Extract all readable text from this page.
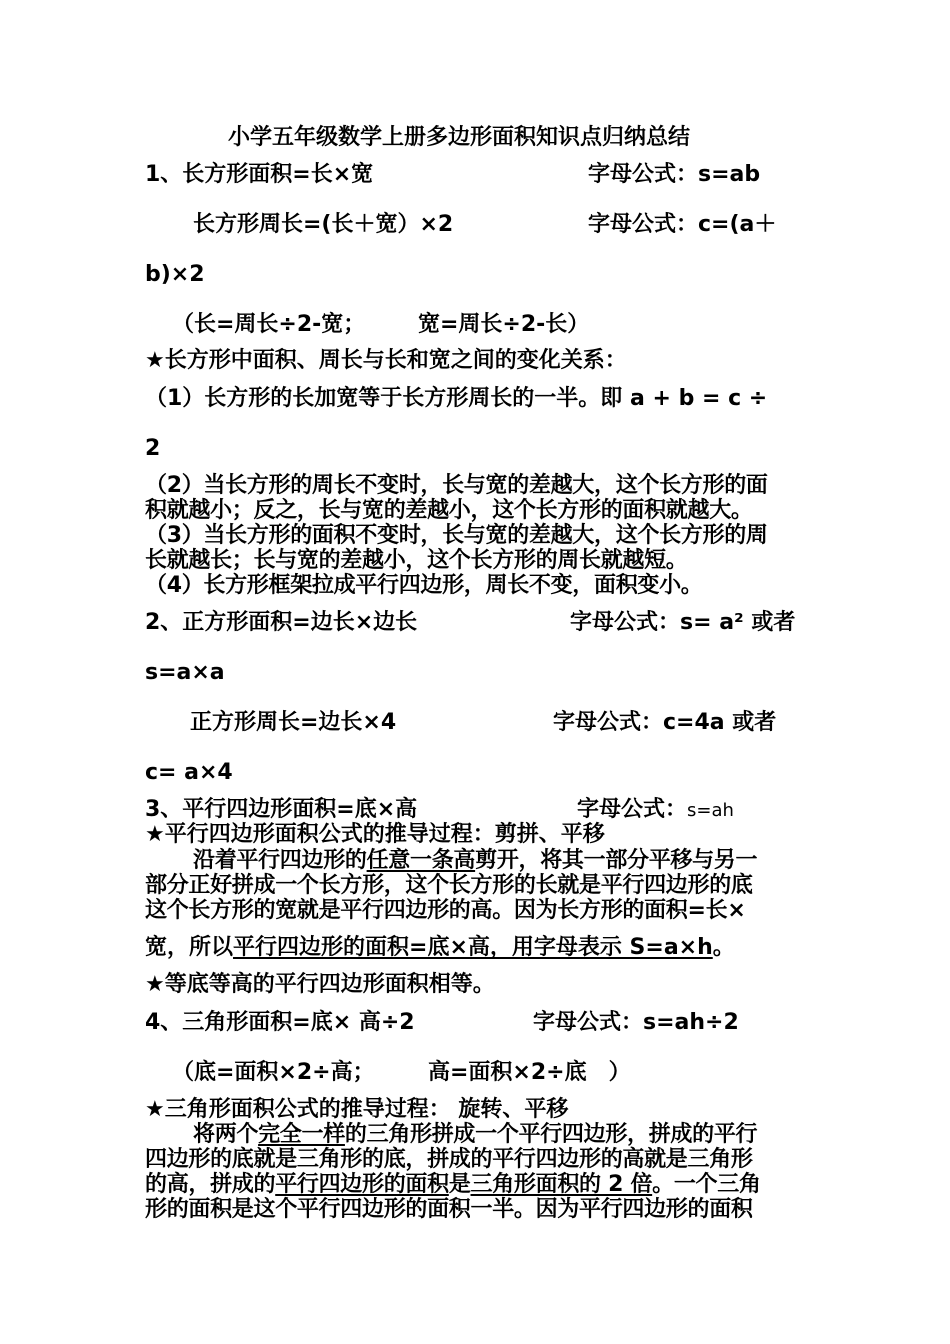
小学五年级数学上册多边形面积知识点归纳总结
1、长方形面积=长×宽	字母公式：s=ab
长方形周长=(长＋宽）×2	字母公式：c=(a＋
b)×2
（长=周长÷2-宽； 宽=周长÷2-长）
★长方形中面积、周长与长和宽之间的变化关系：
（1）长方形的长加宽等于长方形周长的一半。即 a + b = c ÷
2
（2）当长方形的周长不变时，长与宽的差越大，这个长方形的面
积就越小；反之，长与宽的差越小，这个长方形的面积就越大。
（3）当长方形的面积不变时，长与宽的差越大，这个长方形的周
长就越长；长与宽的差越小，这个长方形的周长就越短。
（4）长方形框架拉成平行四边形，周长不变，面积变小。
2、正方形面积=边长×边长	字母公式：s= a² 或者
s=a×a
正方形周长=边长×4	字母公式：c=4a 或者
c= a×4
3、平行四边形面积=底×高	字母公式：s=ah
★平行四边形面积公式的推导过程：剪拼、平移
沿着平行四边形的任意一条高剪开，将其一部分平移与另一
部分正好拼成一个长方形，这个长方形的长就是平行四边形的底
这个长方形的宽就是平行四边形的高。因为长方形的面积=长×
宽，所以平行四边形的面积=底×高，用字母表示 S=a×h。
★等底等高的平行四边形面积相等。
4、三角形面积=底× 高÷2	字母公式：s=ah÷2
（底=面积×2÷高； 高=面积×2÷底　）
★三角形面积公式的推导过程： 旋转、平移
将两个完全一样的三角形拼成一个平行四边形，拼成的平行
四边形的底就是三角形的底，拼成的平行四边形的高就是三角形
的高，拼成的平行四边形的面积是三角形面积的 2 倍。一个三角
形的面积是这个平行四边形的面积一半。因为平行四边形的面积
